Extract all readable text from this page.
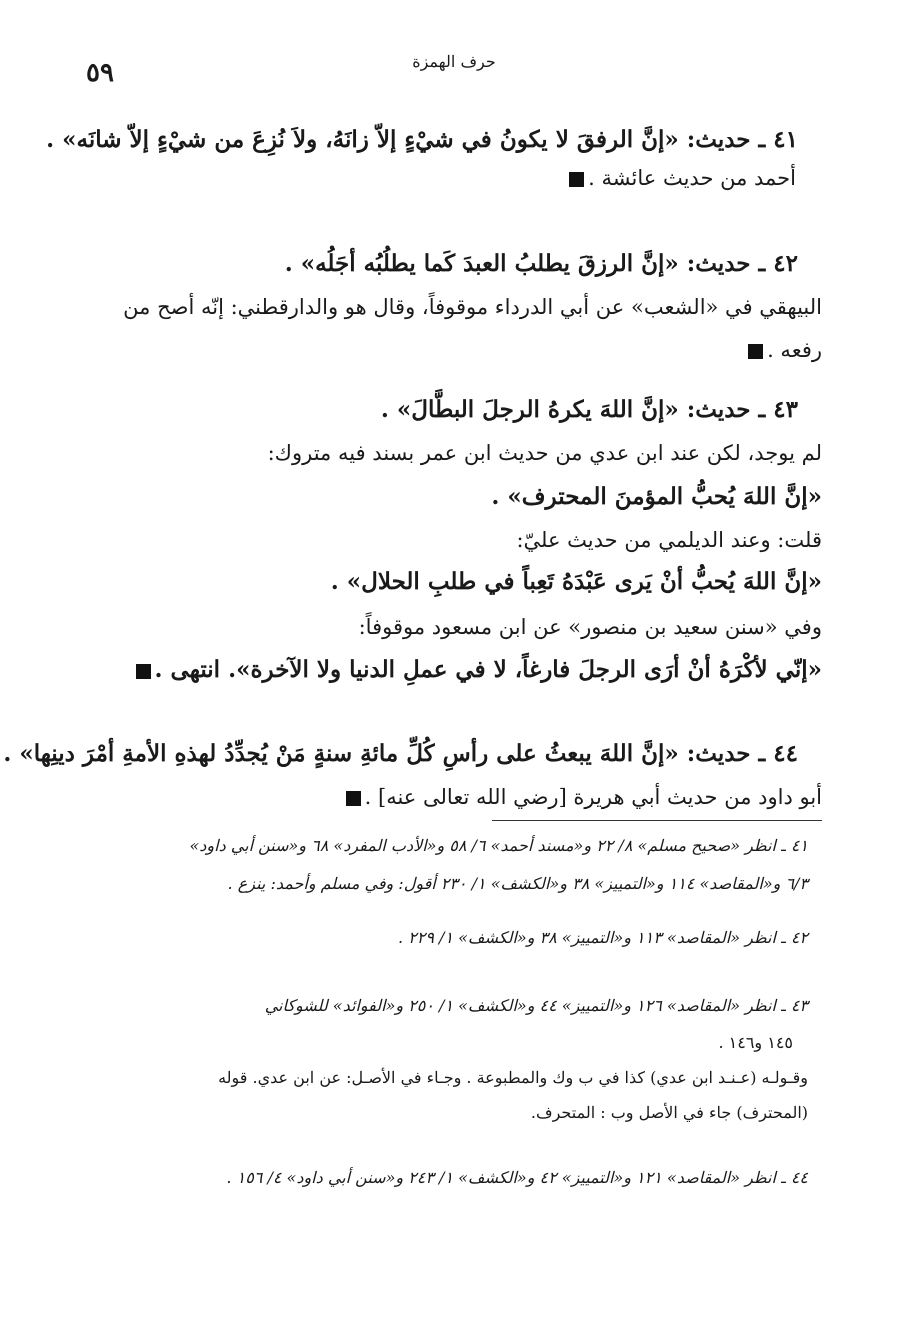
حرف الهمزة
٥٩
٤١ ـ حديث: «إنَّ الرفقَ لا يكونُ في شيْءٍ إلاّ زانَهُ، ولاَ نُزِعَ من شيْءٍ إلاّ شانَه» .
أحمد من حديث عائشة .
٤٢ ـ حديث: «إنَّ الرزقَ يطلبُ العبدَ كَما يطلُبُه أجَلُه» .
البيهقي في «الشعب» عن أبي الدرداء موقوفاً، وقال هو والدارقطني: إنّه أصح من
رفعه .
٤٣ ـ حديث: «إنَّ اللهَ يكرهُ الرجلَ البطَّالَ» .
لم يوجد، لكن عند ابن عدي من حديث ابن عمر بسند فيه متروك:
«إنَّ اللهَ يُحبُّ المؤمنَ المحترف» .
قلت: وعند الديلمي من حديث عليّ:
«إنَّ اللهَ يُحبُّ أنْ يَرى عَبْدَهُ تَعِباً في طلبِ الحلال» .
وفي «سنن سعيد بن منصور» عن ابن مسعود موقوفاً:
«إنّي لأكْرَهُ أنْ أرَى الرجلَ فارغاً، لا في عملِ الدنيا ولا الآخرة». انتهى .
٤٤ ـ حديث: «إنَّ اللهَ يبعثُ على رأسِ كُلِّ مائةِ سنةٍ مَنْ يُجدِّدُ لهذهِ الأمةِ أمْرَ دينِها» .
أبو داود من حديث أبي هريرة [رضي الله تعالى عنه] .
٤١ ـ انظر «صحيح مسلم» ٨/ ٢٢ و«مسند أحمد» ٦/ ٥٨ و«الأدب المفرد» ٦٨ و«سنن أبي داود»
٦/٣ و«المقاصد» ١١٤ و«التمييز» ٣٨ و«الكشف» ١/ ٢٣٠ أقول: وفي مسلم وأحمد: ينزع .
٤٢ ـ انظر «المقاصد» ١١٣ و«التمييز» ٣٨ و«الكشف» ١/ ٢٢٩ .
٤٣ ـ انظر «المقاصد» ١٢٦ و«التمييز» ٤٤ و«الكشف» ١/ ٢٥٠ و«الفوائد» للشوكاني
١٤٥ و١٤٦ .
وقـولـه (عـنـد ابن عدي) كذا في ب وك والمطبوعة . وجـاء في الأصـل: عن ابن عدي. قوله
(المحترف) جاء في الأصل وب : المتحرف.
٤٤ ـ انظر «المقاصد» ١٢١ و«التمييز» ٤٢ و«الكشف» ١/ ٢٤٣ و«سنن أبي داود» ٤/ ١٥٦ .
